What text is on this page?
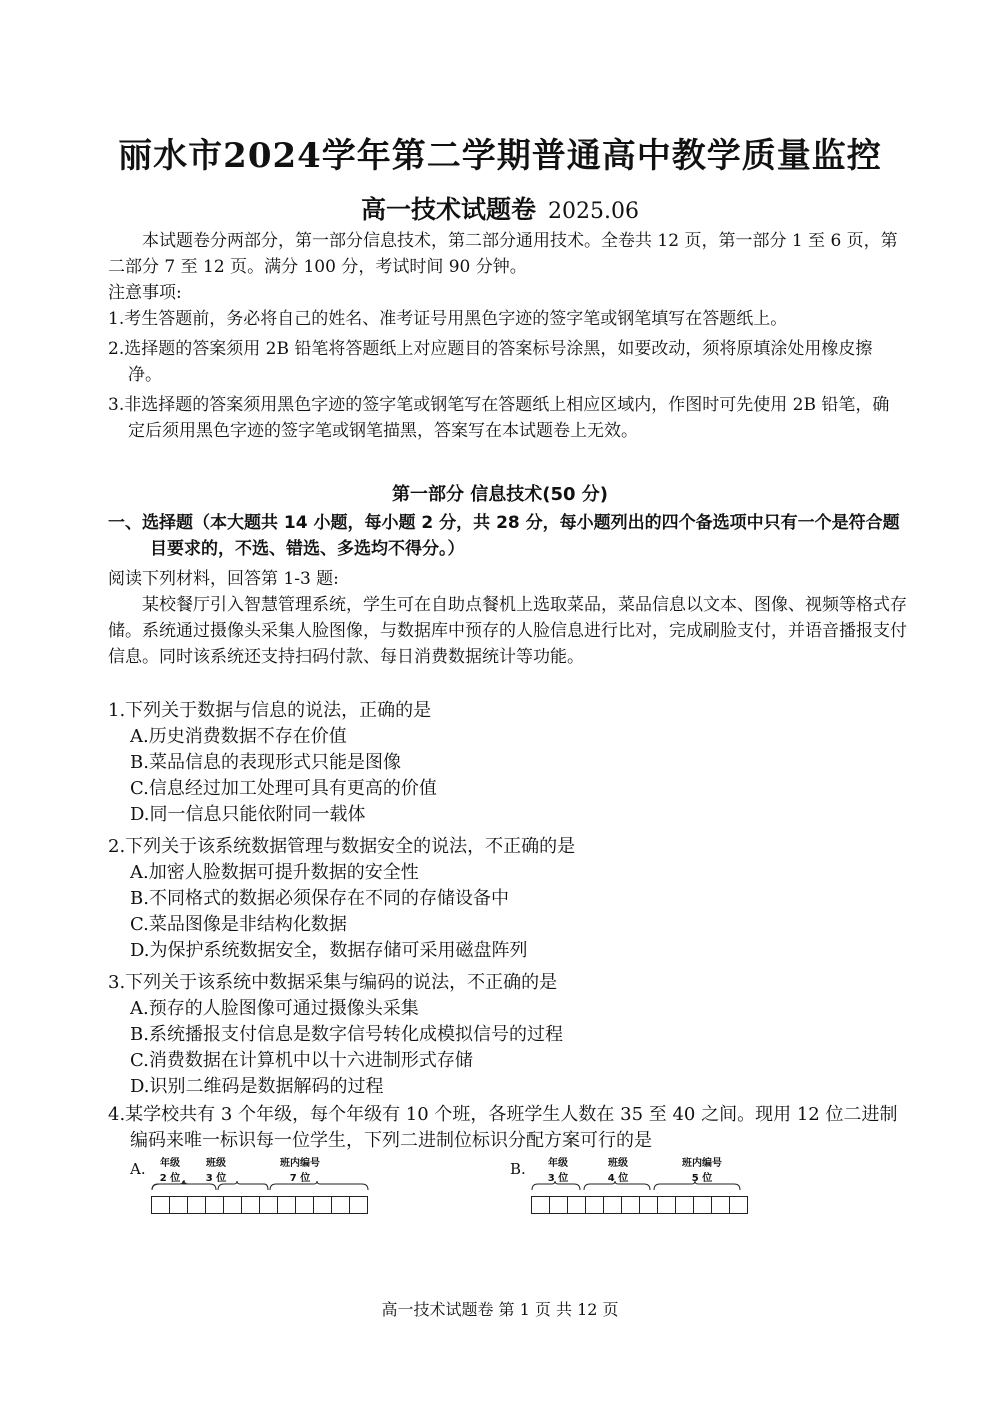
丽水市2024学年第二学期普通高中教学质量监控
高一技术试题卷 2025.06
本试题卷分两部分，第一部分信息技术，第二部分通用技术。全卷共 12 页，第一部分 1 至 6 页，第二部分 7 至 12 页。满分 100 分，考试时间 90 分钟。
注意事项:
1.考生答题前，务必将自己的姓名、准考证号用黑色字迹的签字笔或钢笔填写在答题纸上。
2.选择题的答案须用 2B 铅笔将答题纸上对应题目的答案标号涂黑，如要改动，须将原填涂处用橡皮擦净。
3.非选择题的答案须用黑色字迹的签字笔或钢笔写在答题纸上相应区域内，作图时可先使用 2B 铅笔，确定后须用黑色字迹的签字笔或钢笔描黑，答案写在本试题卷上无效。
第一部分 信息技术(50 分)
一、选择题（本大题共 14 小题，每小题 2 分，共 28 分，每小题列出的四个备选项中只有一个是符合题目要求的，不选、错选、多选均不得分。）
阅读下列材料，回答第 1-3 题:
某校餐厅引入智慧管理系统，学生可在自助点餐机上选取菜品，菜品信息以文本、图像、视频等格式存储。系统通过摄像头采集人脸图像，与数据库中预存的人脸信息进行比对，完成刷脸支付，并语音播报支付信息。同时该系统还支持扫码付款、每日消费数据统计等功能。
1.下列关于数据与信息的说法，正确的是
A.历史消费数据不存在价值
B.菜品信息的表现形式只能是图像
C.信息经过加工处理可具有更高的价值
D.同一信息只能依附同一载体
2.下列关于该系统数据管理与数据安全的说法，不正确的是
A.加密人脸数据可提升数据的安全性
B.不同格式的数据必须保存在不同的存储设备中
C.菜品图像是非结构化数据
D.为保护系统数据安全，数据存储可采用磁盘阵列
3.下列关于该系统中数据采集与编码的说法，不正确的是
A.预存的人脸图像可通过摄像头采集
B.系统播报支付信息是数字信号转化成模拟信号的过程
C.消费数据在计算机中以十六进制形式存储
D.识别二维码是数据解码的过程
4.某学校共有 3 个年级，每个年级有 10 个班，各班学生人数在 35 至 40 之间。现用 12 位二进制编码来唯一标识每一位学生，下列二进制位标识分配方案可行的是
A.	年级
2 位
班级
3 位
班内编号
7 位
B.	年级
3 位
班级
4 位
班内编号
5 位
高一技术试题卷 第 1 页 共 12 页
